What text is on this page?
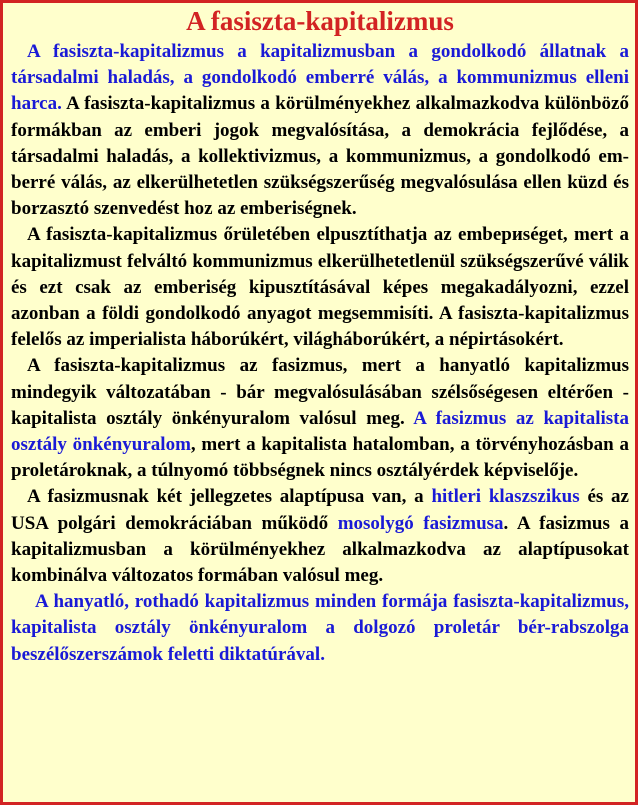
A fasiszta-kapitalizmus

A fasiszta-kapitalizmus a kapitalizmusban a gondolkodó állatnak a társadalmi haladás, a gondolkodó emberré válás, a kommunizmus elleni harca. A fasiszta-kapitalizmus a körülményekhez alkalmazkodva különböző formákban az emberi jogok megvalósítása, a demokrácia fejlődése, a társadalmi haladás, a kollektivizmus, a kommunizmus, a gondolkodó emberré válás, az elkerülhetetlen szükségszerűség megvalósulása ellen küzd és borzasztó szenvedést hoz az emberiségnek.

A fasiszta-kapitalizmus őrületében elpusztíthatja az embериséget, mert a kapitalizmust felváltó kommunizmus elkerülhetetlenül szükségszerűvé válik és ezt csak az emberiség kipusztításával képes megakadályozni, ezzel azonban a földi gondolkodó anyagot megsemmisíti. A fasiszta-kapitalizmus felelős az imperialista háborúkért, világháborúkért, a népirtásokért.

A fasiszta-kapitalizmus az fasizmus, mert a hanyatló kapitalizmus mindegyik változatában - bár megvalósulásában szélsőségesen eltérően - kapitalista osztály önkényuralom valósul meg. A fasizmus az kapitalista osztály önkényuralom, mert a kapitalista hatalomban, a törvényhozásban a proletároknak, a túlnyomó többségnek nincs osztályérdek képviselője.

A fasizmusnak két jellegzetes alaptípusa van, a hitleri klaszszikus és az USA polgári demokráciában működő mosolygó fasizmusa. A fasizmus a kapitalizmusban a körülményekhez alkalmazkodva az alaptípusokat kombinálva változatos formában valósul meg.

A hanyatló, rothadó kapitalizmus minden formája fasiszta-kapitalizmus, kapitalista osztály önkényuralom a dolgozó proletár bér-rabszolga beszélőszerszámok feletti diktatúrával.
